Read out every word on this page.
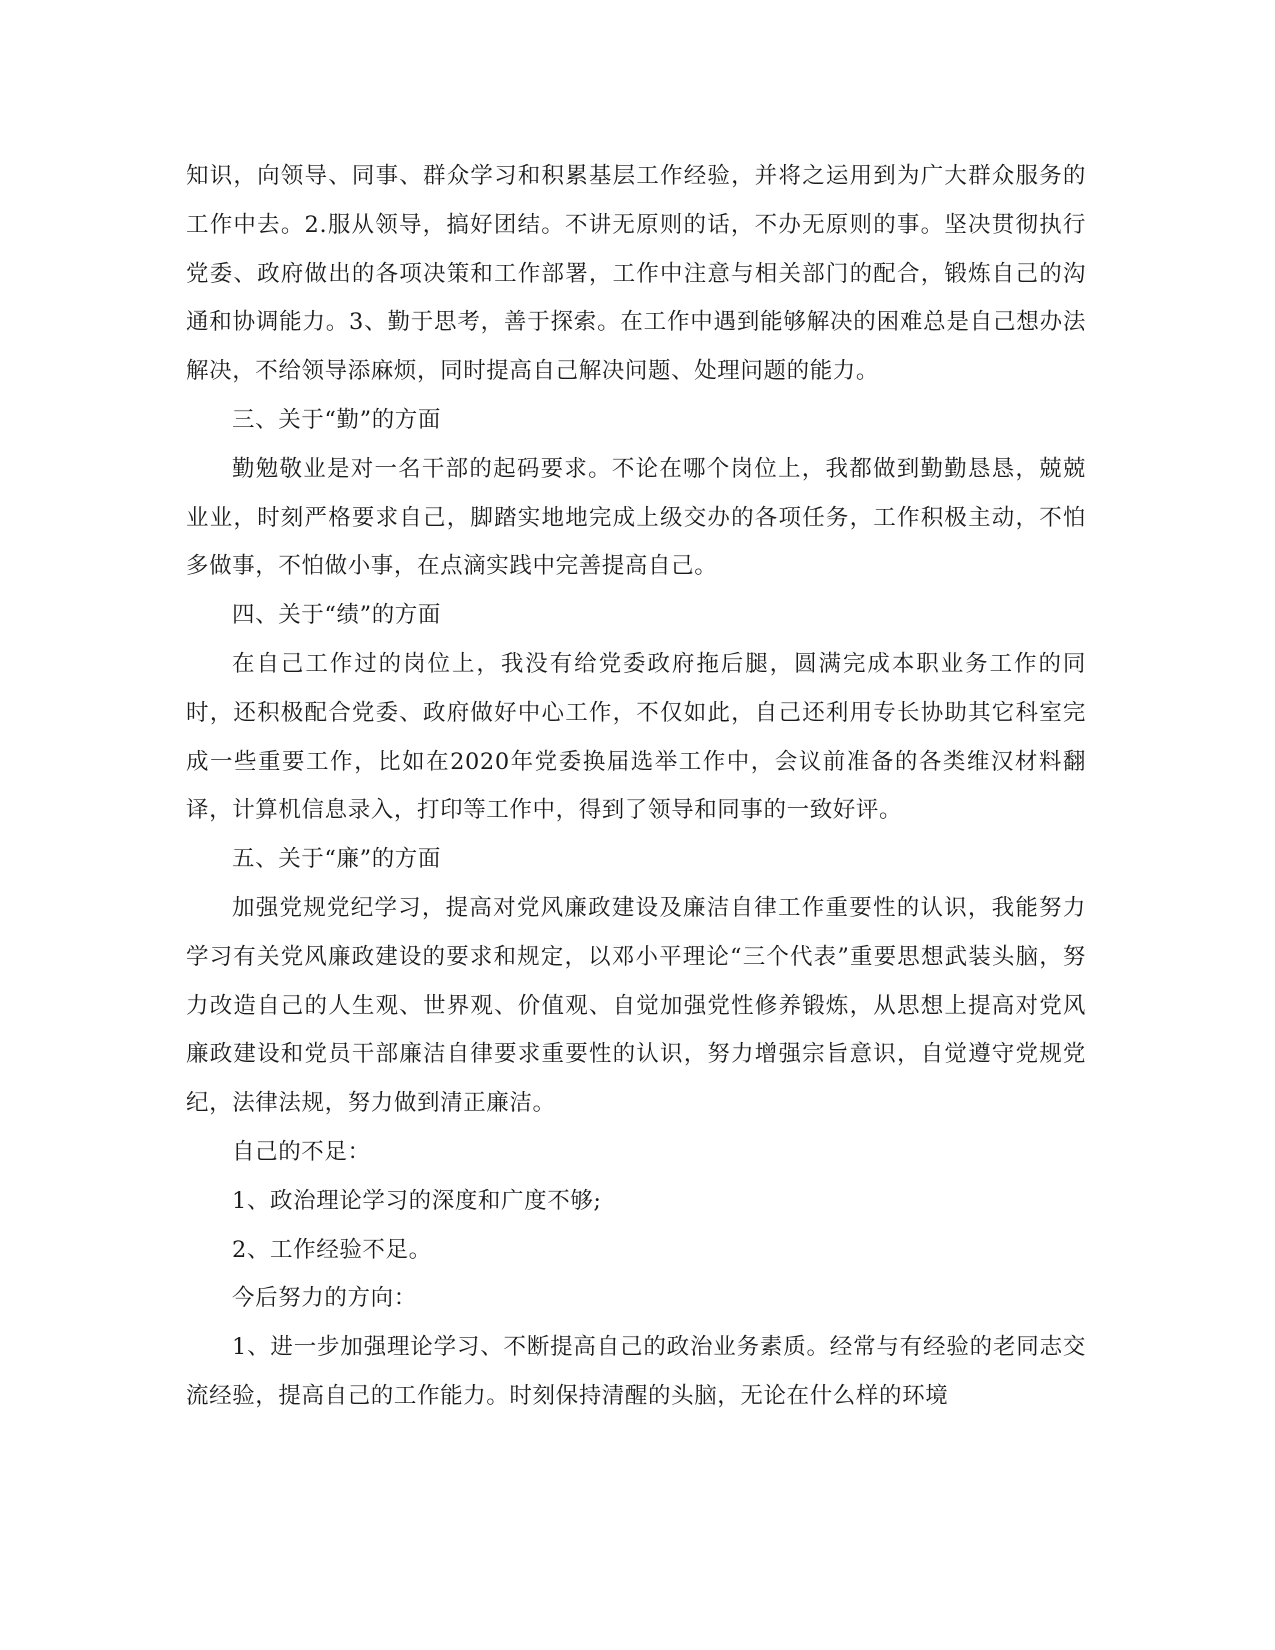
知识，向领导、同事、群众学习和积累基层工作经验，并将之运用到为广大群众服务的工作中去。2.服从领导，搞好团结。不讲无原则的话，不办无原则的事。坚决贯彻执行党委、政府做出的各项决策和工作部署，工作中注意与相关部门的配合，锻炼自己的沟通和协调能力。3、勤于思考，善于探索。在工作中遇到能够解决的困难总是自己想办法解决，不给领导添麻烦，同时提高自己解决问题、处理问题的能力。

三、关于“勤”的方面

勤勉敬业是对一名干部的起码要求。不论在哪个岗位上，我都做到勤勤恳恳，兢兢业业，时刻严格要求自己，脚踏实地地完成上级交办的各项任务，工作积极主动，不怕多做事，不怕做小事，在点滴实践中完善提高自己。

四、关于“绩”的方面

在自己工作过的岗位上，我没有给党委政府拖后腿，圆满完成本职业务工作的同时，还积极配合党委、政府做好中心工作，不仅如此，自己还利用专长协助其它科室完成一些重要工作，比如在2020年党委换届选举工作中，会议前准备的各类维汉材料翻译，计算机信息录入，打印等工作中，得到了领导和同事的一致好评。

五、关于“廉”的方面

加强党规党纪学习，提高对党风廉政建设及廉洁自律工作重要性的认识，我能努力学习有关党风廉政建设的要求和规定，以邓小平理论“三个代表”重要思想武装头脑，努力改造自己的人生观、世界观、价值观、自觉加强党性修养锻炼，从思想上提高对党风廉政建设和党员干部廉洁自律要求重要性的认识，努力增强宗旨意识，自觉遵守党规党纪，法律法规，努力做到清正廉洁。

自己的不足：

1、政治理论学习的深度和广度不够;

2、工作经验不足。

今后努力的方向：

1、进一步加强理论学习、不断提高自己的政治业务素质。经常与有经验的老同志交流经验，提高自己的工作能力。时刻保持清醒的头脑，无论在什么样的环境
